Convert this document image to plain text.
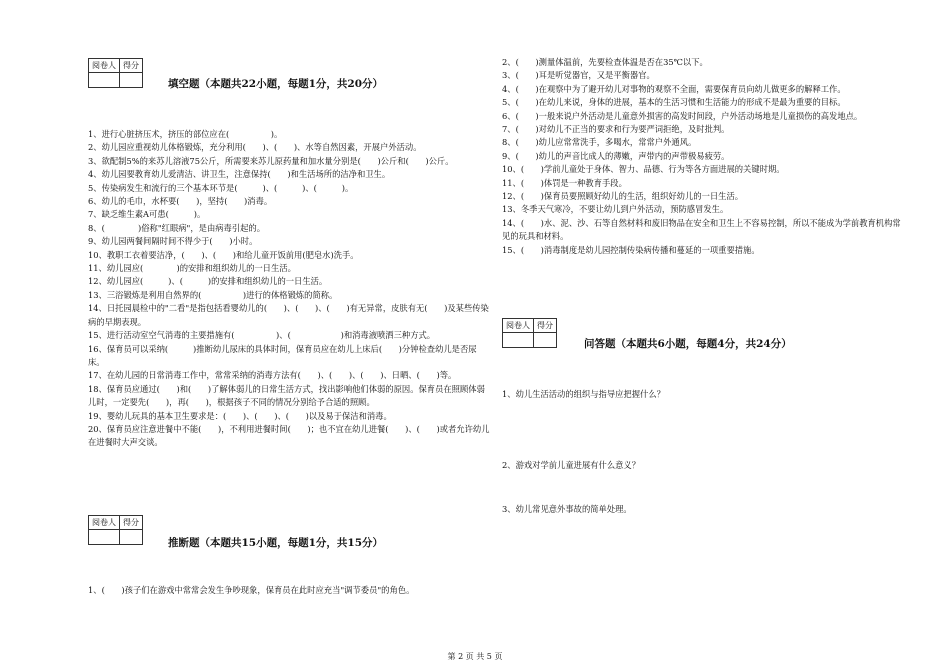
阅卷人	得分

填空题（本题共22小题，每题1分，共20分）
1、进行心脏挤压术，挤压的部位应在(　　　　　)。
2、幼儿园应重视幼儿体格锻炼，充分利用(　　)、(　　)、水等自然因素，开展户外活动。
3、欲配制5%的来苏儿溶液75公斤，所需要来苏儿原药量和加水量分别是(　　)公斤和(　　)公斤。
4、幼儿园要教育幼儿爱清洁、讲卫生，注意保持(　　)和生活场所的洁净和卫生。
5、传染病发生和流行的三个基本环节是(　　　)、(　　　)、(　　　)。
6、幼儿的毛巾，水杯要(　　)，坚持(　　)消毒。
7、缺乏维生素A可患(　　　)。
8、(　　　　)俗称"红眼病"，是由病毒引起的。
9、幼儿园两餐间隔时间不得少于(　　)小时。
10、教职工衣着要洁净，(　　)、(　　)和给儿童开饭前用(肥皂水)洗手。
11、幼儿园应(　　　　)的安排和组织幼儿的一日生活。
12、幼儿园应(　　　)、(　　　)的安排和组织幼儿的一日生活。
13、三浴锻炼是利用自然界的(　　　　　)进行的体格锻炼的简称。
14、日托园晨检中的"二看"是指包括看婴幼儿的(　　)、(　　)、(　　)有无异常，皮肤有无(　　)及某些传染病的早期表现。
15、进行活动室空气消毒的主要措施有(　　　　　)、(　　　　　　)和消毒液喷洒三种方式。
16、保育员可以采纳(　　　)推断幼儿尿床的具体时间，保育员应在幼儿上床后(　　)分钟检查幼儿是否尿床。
17、在幼儿园的日常消毒工作中，常常采纳的消毒方法有(　　)、(　　)、(　　)、日晒、(　　)等。
18、保育员应通过(　　)和(　　)了解体弱儿的日常生活方式，找出影响他们体弱的原因。保育员在照顾体弱儿时，一定要先(　　)，再(　　)，根据孩子不同的情况分别给予合适的照顾。
19、婴幼儿玩具的基本卫生要求是：(　　)、(　　)、(　　)以及易于保洁和消毒。
20、保育员应注意进餐中不能(　　)，不利用进餐时间(　　)；也不宜在幼儿进餐(　　)、(　　)或者允许幼儿在进餐时大声交谈。
阅卷人	得分

推断题（本题共15小题，每题1分，共15分）
1、(　　)孩子们在游戏中常常会发生争吵现象，保育员在此时应充当"调节委员"的角色。
2、(　　)测量体温前，先要检查体温是否在35℃以下。
3、(　　)耳是听觉器官，又是平衡器官。
4、(　　)在观察中为了避开幼儿对事物的观察不全面，需要保育员向幼儿做更多的解释工作。
5、(　　)在幼儿来说，身体的进展，基本的生活习惯和生活能力的形成不是最为重要的目标。
6、(　　)一般来说户外活动是儿童意外损害的高发时间段，户外活动场地是儿童损伤的高发地点。
7、(　　)对幼儿不正当的要求和行为要严词拒绝，及时批判。
8、(　　)幼儿应常常洗手，多喝水，常常户外通风。
9、(　　)幼儿的声音比成人的薄嫩，声带内的声带极易疲劳。
10、(　　)学前儿童处于身体、智力、品德、行为等各方面进展的关键时期。
11、(　　)体罚是一种教育手段。
12、(　　)保育员要照顾好幼儿的生活，组织好幼儿的一日生活。
13、冬季天气寒冷，不要让幼儿到户外活动，预防感冒发生。
14、(　　)水、泥、沙、石等自然材料和废旧物品在安全和卫生上不容易控制，所以不能成为学前教育机构常见的玩具和材料。
15、(　　)消毒制度是幼儿园控制传染病传播和蔓延的一项重要措施。
阅卷人	得分

问答题（本题共6小题，每题4分，共24分）
1、幼儿生活活动的组织与指导应把握什么？
2、游戏对学前儿童进展有什么意义？
3、幼儿常见意外事故的简单处理。
第 2 页 共 5 页
